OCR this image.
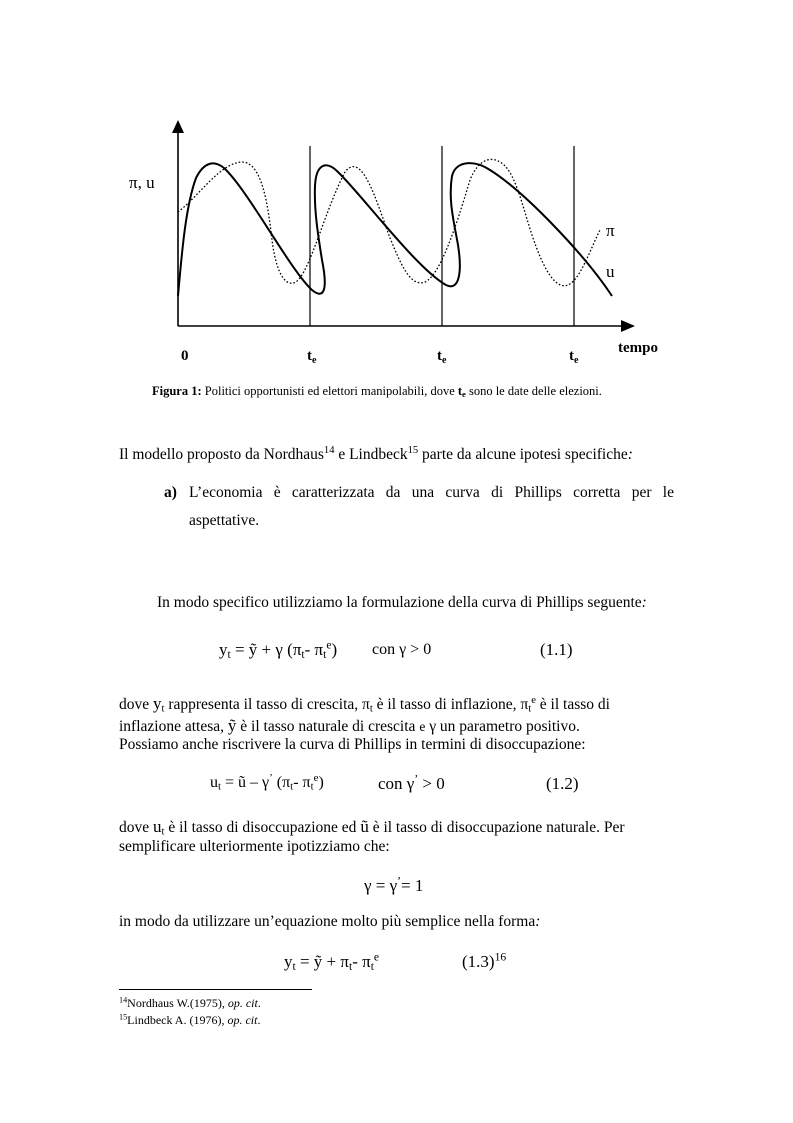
π, u
π
u
tempo
0	$t_e$	$t_e$	$t_e$
Figura 1: Politici opportunisti ed elettori manipolabili, dove $t_e$ sono le date delle elezioni.
Il modello proposto da Nordhaus$^{14}$ e Lindbeck$^{15}$ parte da alcune ipotesi specifiche:
a) L’economia è caratterizzata da una curva di Phillips corretta per le
aspettative.
In modo specifico utilizziamo la formulazione della curva di Phillips seguente:
$y_t$ = ỹ + γ ($\pi_t-$ $\pi_t^e$) con γ > 0	(1.1)
dove $y_t$ rappresenta il tasso di crescita, $\pi_t$ è il tasso di inflazione, $\pi_t^e$ è il tasso di
inflazione attesa, ỹ è il tasso naturale di crescita e γ un parametro positivo.
Possiamo anche riscrivere la curva di Phillips in termini di disoccupazione:
$u_t$ = ũ – γ’ ($\pi_t-$ $\pi_t^e$)	con γ’ > 0	(1.2)
dove $u_t$ è il tasso di disoccupazione ed ũ è il tasso di disoccupazione naturale. Per
semplificare ulteriormente ipotizziamo che:
γ = γ’= 1
in modo da utilizzare un’equazione molto più semplice nella forma:
$y_t$ = ỹ + $\pi_t-$ $\pi_t^e$	$(1.3)^{16}$
$^{14}$Nordhaus W.(1975), op. cit.
$^{15}$Lindbeck A. (1976), op. cit.
